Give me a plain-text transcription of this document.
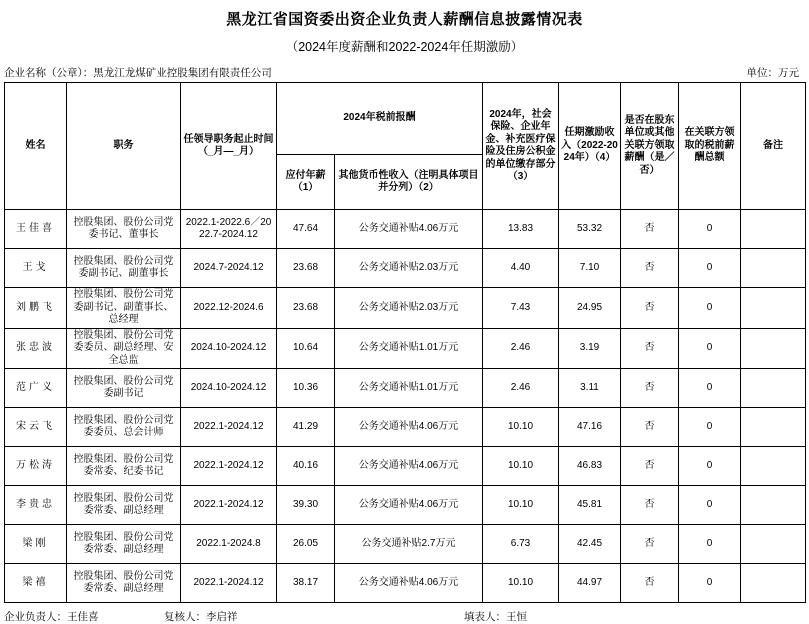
黑龙江省国资委出资企业负责人薪酬信息披露情况表
（2024年度薪酬和2022-2024年任期激励）
企业名称（公章）：黑龙江龙煤矿业控股集团有限责任公司	单位：万元
姓名	职务	任领导职务起止时间（_月—_月）	2024年税前报酬		2024年，社会保险、企业年金、补充医疗保险及住房公积金的单位缴存部分（3）	任期激励收入（2022-2024年）（4）	是否在股东单位或其他关联方领取薪酬（是／否）	在关联方领取的税前薪酬总额	备注
			应付年薪（1）	其他货币性收入（注明具体项目并分列）（2）					
王佳喜	控股集团、股份公司党委书记、董事长	2022.1-2022.6／2022.7-2024.12	47.64	公务交通补贴4.06万元	13.83	53.32	否	0	
王戈	控股集团、股份公司党委副书记、副董事长	2024.7-2024.12	23.68	公务交通补贴2.03万元	4.40	7.10	否	0	
刘鹏飞	控股集团、股份公司党委副书记、副董事长、总经理	2022.12-2024.6	23.68	公务交通补贴2.03万元	7.43	24.95	否	0	
张忠波	控股集团、股份公司党委委员、副总经理、安全总监	2024.10-2024.12	10.64	公务交通补贴1.01万元	2.46	3.19	否	0	
范广义	控股集团、股份公司党委副书记	2024.10-2024.12	10.36	公务交通补贴1.01万元	2.46	3.11	否	0	
宋云飞	控股集团、股份公司党委委员、总会计师	2022.1-2024.12	41.29	公务交通补贴4.06万元	10.10	47.16	否	0	
万松涛	控股集团、股份公司党委常委、纪委书记	2022.1-2024.12	40.16	公务交通补贴4.06万元	10.10	46.83	否	0	
李贵忠	控股集团、股份公司党委常委、副总经理	2022.1-2024.12	39.30	公务交通补贴4.06万元	10.10	45.81	否	0	
梁刚	控股集团、股份公司党委常委、副总经理	2022.1-2024.8	26.05	公务交通补贴2.7万元	6.73	42.45	否	0	
梁禧	控股集团、股份公司党委常委、副总经理	2022.1-2024.12	38.17	公务交通补贴4.06万元	10.10	44.97	否	0	
企业负责人：王佳喜	复核人：李启祥	填表人：王恒
